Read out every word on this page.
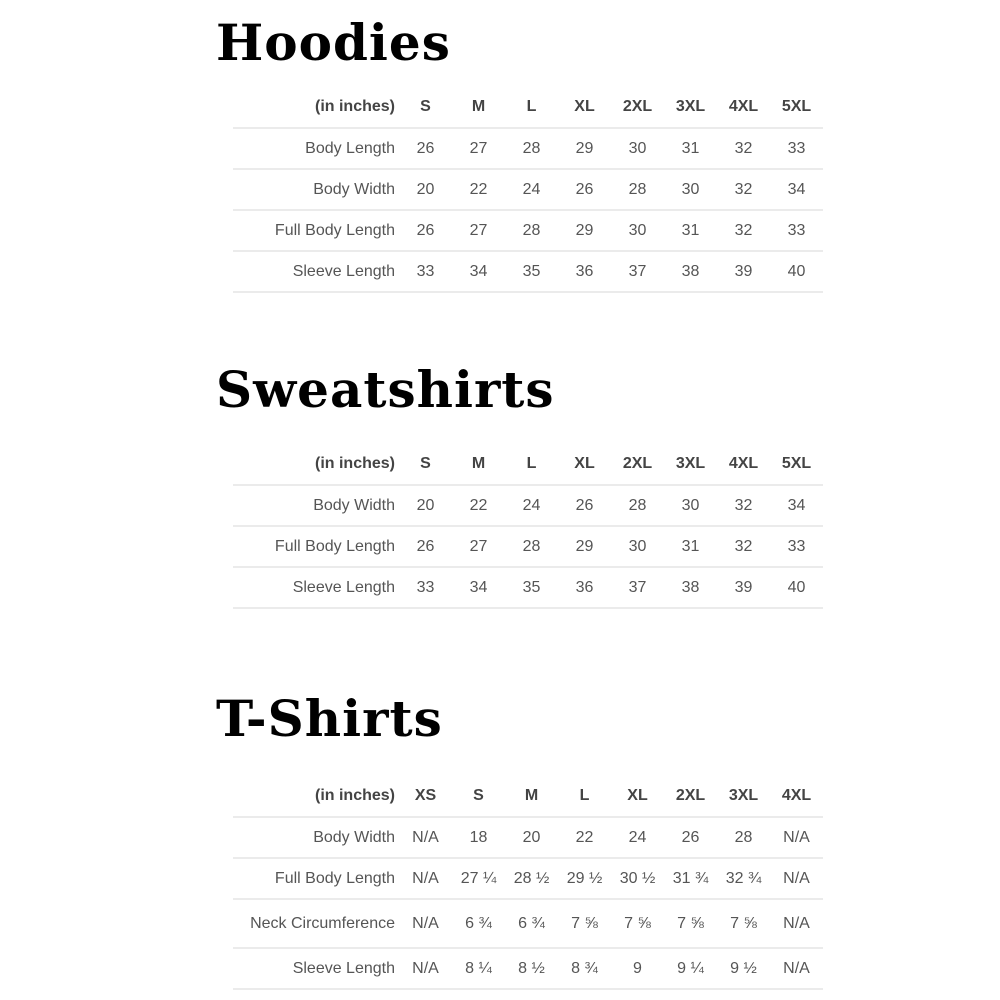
Hoodies
(in inches)	S	M	L	XL	2XL	3XL	4XL	5XL
Body Length	26	27	28	29	30	31	32	33
Body Width	20	22	24	26	28	30	32	34
Full Body Length	26	27	28	29	30	31	32	33
Sleeve Length	33	34	35	36	37	38	39	40
Sweatshirts
(in inches)	S	M	L	XL	2XL	3XL	4XL	5XL
Body Width	20	22	24	26	28	30	32	34
Full Body Length	26	27	28	29	30	31	32	33
Sleeve Length	33	34	35	36	37	38	39	40
T-Shirts
(in inches)	XS	S	M	L	XL	2XL	3XL	4XL
Body Width	N/A	18	20	22	24	26	28	N/A
Full Body Length	N/A	27 ¼	28 ½	29 ½	30 ½	31 ¾	32 ¾	N/A
Neck Circumference	N/A	6 ¾	6 ¾	7 ⅝	7 ⅝	7 ⅝	7 ⅝	N/A
Sleeve Length	N/A	8 ¼	8 ½	8 ¾	9	9 ¼	9 ½	N/A
